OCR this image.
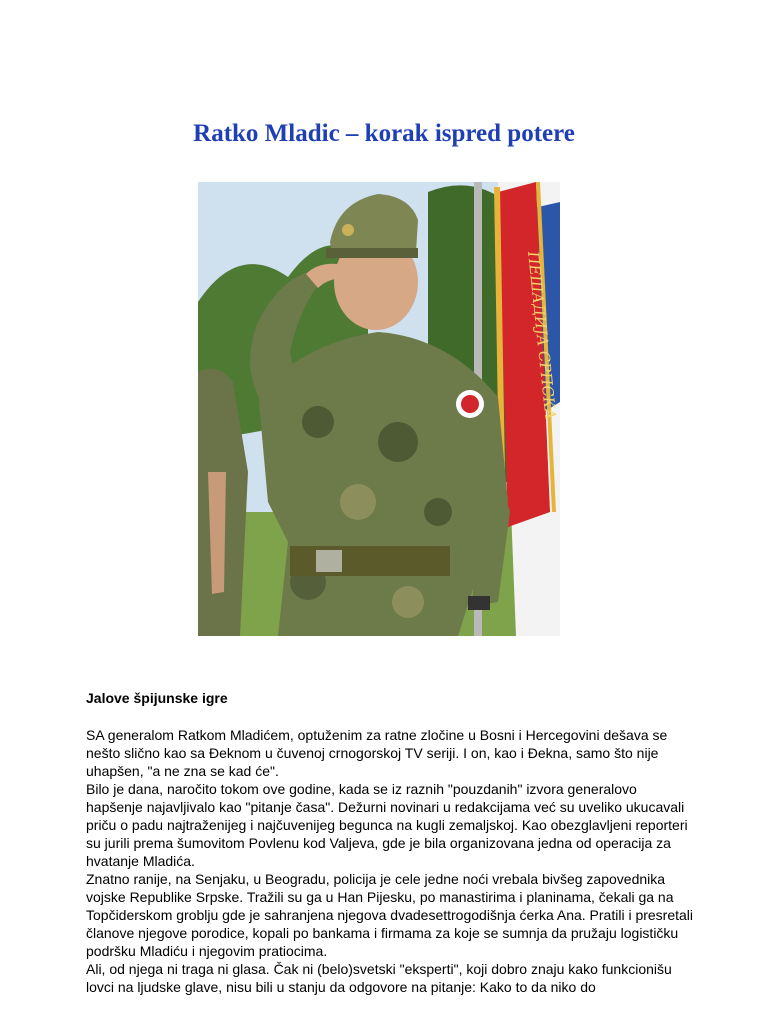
Ratko Mladic – korak ispred potere
ПЕШАДИЈА СРПСКА
Jalove špijunske igre

SA generalom Ratkom Mladićem, optuženim za ratne zločine u Bosni i Hercegovini dešava se nešto slično kao sa Đeknom u čuvenoj crnogorskoj TV seriji. I on, kao i Đekna, samo što nije uhapšen, "a ne zna se kad će".

Bilo je dana, naročito tokom ove godine, kada se iz raznih "pouzdanih" izvora generalovo hapšenje najavljivalo kao "pitanje časa". Dežurni novinari u redakcijama već su uveliko ukucavali priču o padu najtraženijeg i najčuvenijeg begunca na kugli zemaljskoj. Kao obezglavljeni reporteri su jurili prema šumovitom Povlenu kod Valjeva, gde je bila organizovana jedna od operacija za hvatanje Mladića.

Znatno ranije, na Senjaku, u Beogradu, policija je cele jedne noći vrebala bivšeg zapovednika vojske Republike Srpske. Tražili su ga u Han Pijesku, po manastirima i planinama, čekali ga na Topčiderskom groblju gde je sahranjena njegova dvadesettrogodišnja ćerka Ana. Pratili i presretali članove njegove porodice, kopali po bankama i firmama za koje se sumnja da pružaju logističku podršku Mladiću i njegovim pratiocima.

Ali, od njega ni traga ni glasa. Čak ni (belo)svetski "eksperti", koji dobro znaju kako funkcionišu lovci na ljudske glave, nisu bili u stanju da odgovore na pitanje: Kako to da niko do
